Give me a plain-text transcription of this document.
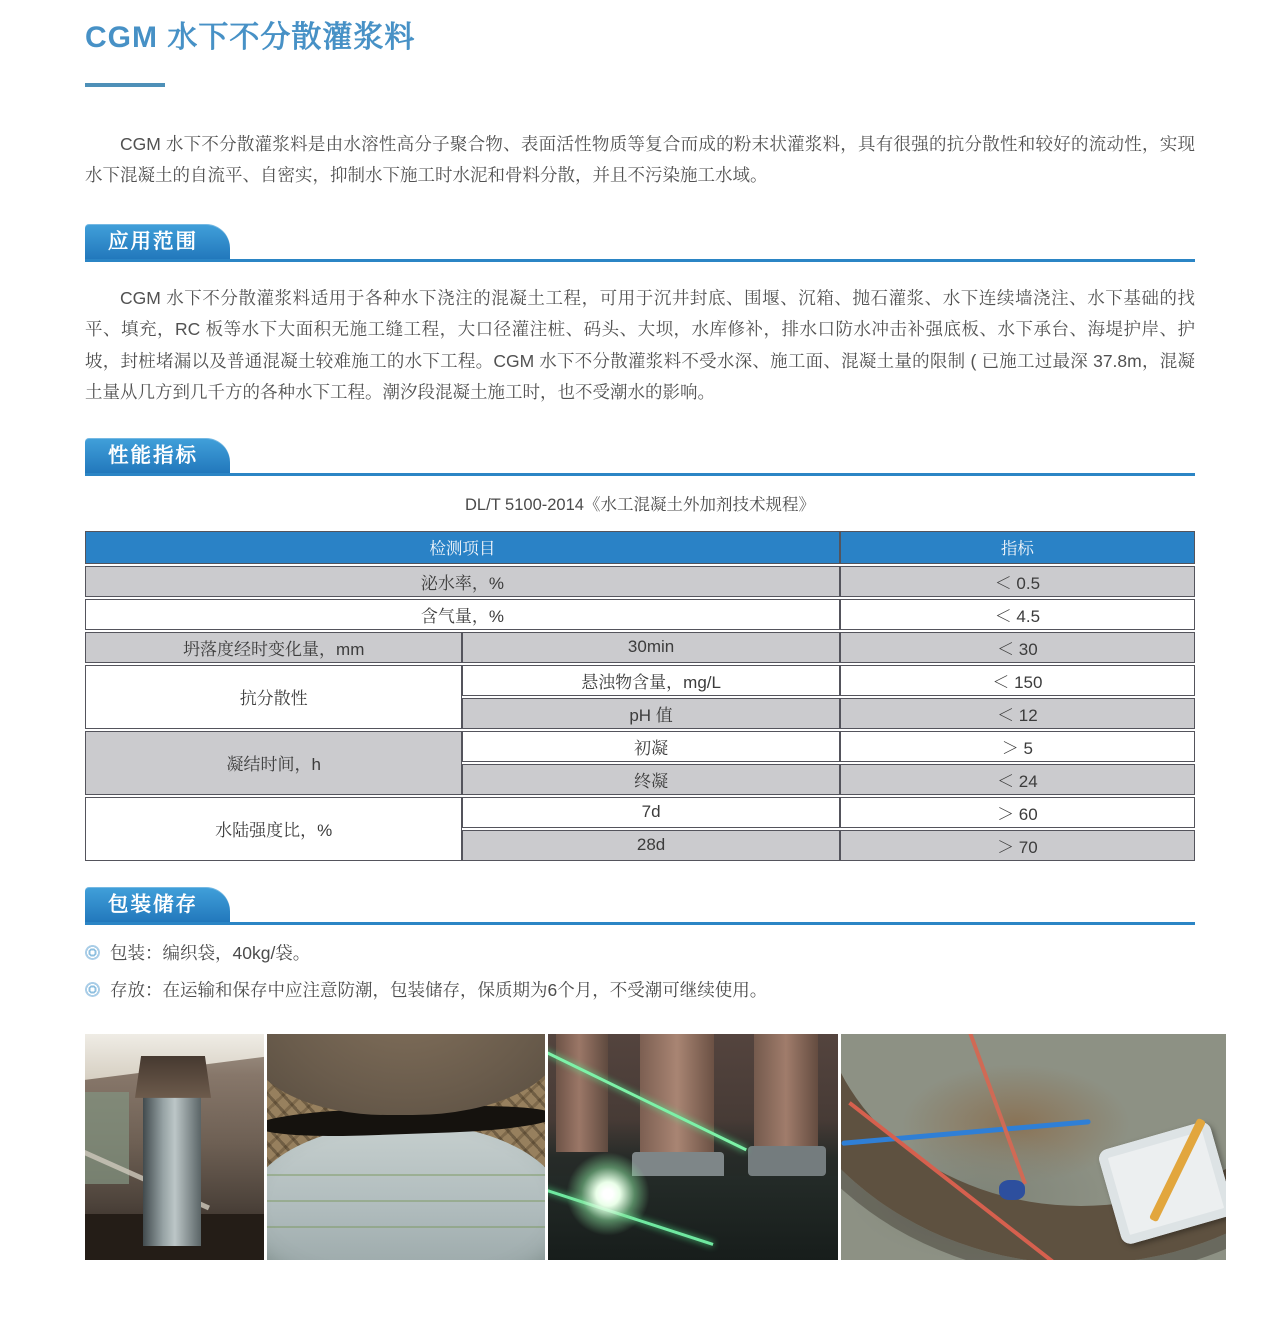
CGM 水下不分散灌浆料

CGM 水下不分散灌浆料是由水溶性高分子聚合物、表面活性物质等复合而成的粉末状灌浆料，具有很强的抗分散性和较好的流动性，实现水下混凝土的自流平、自密实，抑制水下施工时水泥和骨料分散，并且不污染施工水域。

应用范围

CGM 水下不分散灌浆料适用于各种水下浇注的混凝土工程，可用于沉井封底、围堰、沉箱、抛石灌浆、水下连续墙浇注、水下基础的找平、填充，RC 板等水下大面积无施工缝工程，大口径灌注桩、码头、大坝，水库修补，排水口防水冲击补强底板、水下承台、海堤护岸、护坡，封桩堵漏以及普通混凝土较难施工的水下工程。CGM 水下不分散灌浆料不受水深、施工面、混凝土量的限制 ( 已施工过最深 37.8m，混凝土量从几方到几千方的各种水下工程。潮汐段混凝土施工时，也不受潮水的影响。

性能指标

DL/T 5100-2014《水工混凝土外加剂技术规程》

检测项目		指标
泌水率，%		＜ 0.5
含气量，%		＜ 4.5
坍落度经时变化量，mm	30min	＜ 30
抗分散性	悬浊物含量，mg/L	＜ 150
	pH 值	＜ 12
凝结时间，h	初凝	＞ 5
	终凝	＜ 24
水陆强度比，%	7d	＞ 60
	28d	＞ 70
包装储存
包装：编织袋，40kg/袋。
存放：在运输和保存中应注意防潮，包装储存，保质期为6个月，不受潮可继续使用。
